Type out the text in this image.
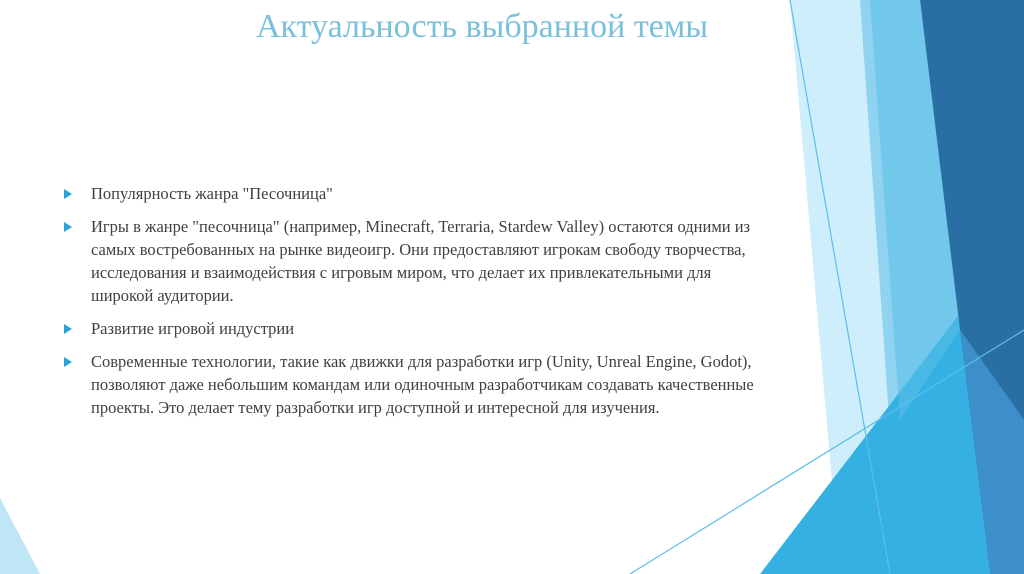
Актуальность выбранной темы
Популярность жанра "Песочница"
Игры в жанре "песочница" (например, Minecraft, Terraria, Stardew Valley) остаются одними из самых востребованных на рынке видеоигр. Они предоставляют игрокам свободу творчества, исследования и взаимодействия с игровым миром, что делает их привлекательными для широкой аудитории.
Развитие игровой индустрии
Современные технологии, такие как движки для разработки игр (Unity, Unreal Engine, Godot), позволяют даже небольшим командам или одиночным разработчикам создавать качественные проекты. Это делает тему разработки игр доступной и интересной для изучения.
